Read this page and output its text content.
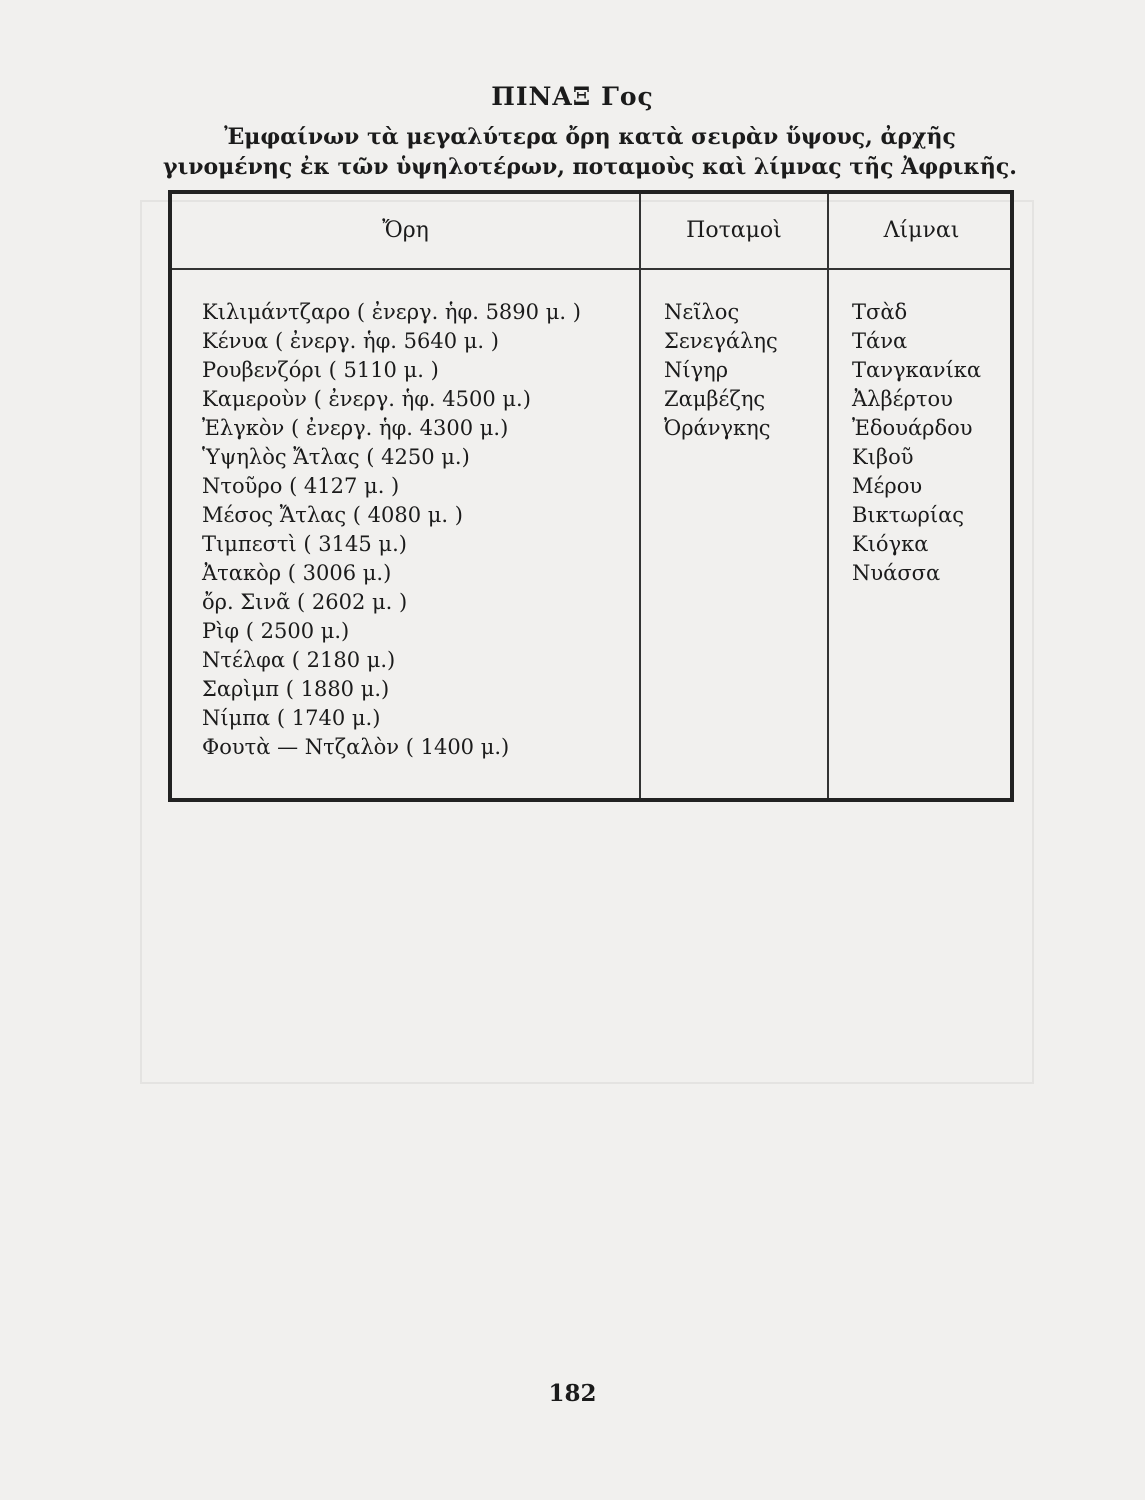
ΠΙΝΑΞ Γος
Ἐμφαίνων τὰ μεγαλύτερα ὄρη κατὰ σειρὰν ὕψους, ἀρχῆς γινομένης ἐκ τῶν ὑψηλοτέρων, ποταμοὺς καὶ λίμνας τῆς Ἀφρικῆς.
Ὄρη	Ποταμοὶ	Λίμναι
Κιλιμάντζαρο ( ἐνεργ. ἡφ. 5890 μ. )
Κένυα ( ἐνεργ. ἡφ. 5640 μ. )
Ρουβενζόρι ( 5110 μ. )
Καμεροὺν ( ἐνεργ. ἡφ. 4500 μ.)
Ἐλγκὸν ( ἐνεργ. ἡφ. 4300 μ.)
Ὑψηλὸς Ἄτλας ( 4250 μ.)
Ντοῦρο ( 4127 μ. )
Μέσος Ἄτλας ( 4080 μ. )
Τιμπεστὶ ( 3145 μ.)
Ἀτακὸρ ( 3006 μ.)
ὄρ. Σινᾶ ( 2602 μ. )
Ρὶφ ( 2500 μ.)
Ντέλφα ( 2180 μ.)
Σαρὶμπ ( 1880 μ.)
Νίμπα ( 1740 μ.)
Φουτὰ — Ντζαλὸν ( 1400 μ.)
Νεῖλος
Σενεγάλης
Νίγηρ
Ζαμβέζης
Ὀράνγκης
Τσὰδ
Τάνα
Τανγκανίκα
Ἀλβέρτου
Ἐδουάρδου
Κιβοῦ
Μέρου
Βικτωρίας
Κιόγκα
Νυάσσα
182
